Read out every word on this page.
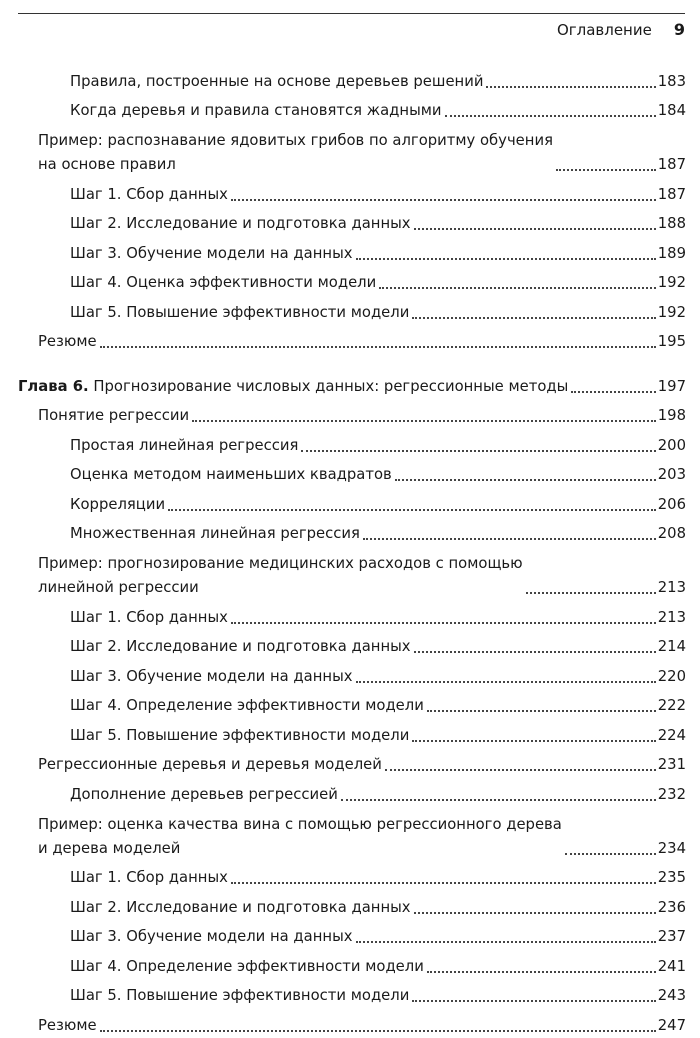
Оглавление 9
Правила, построенные на основе деревьев решений	183
Когда деревья и правила становятся жадными	184
Пример: распознавание ядовитых грибов по алгоритму обучения
на основе правил	187
Шаг 1. Сбор данных	187
Шаг 2. Исследование и подготовка данных	188
Шаг 3. Обучение модели на данных	189
Шаг 4. Оценка эффективности модели	192
Шаг 5. Повышение эффективности модели	192
Резюме	195
Глава 6. Прогнозирование числовых данных: регрессионные методы	197
Понятие регрессии	198
Простая линейная регрессия	200
Оценка методом наименьших квадратов	203
Корреляции	206
Множественная линейная регрессия	208
Пример: прогнозирование медицинских расходов с помощью
линейной регрессии	213
Шаг 1. Сбор данных	213
Шаг 2. Исследование и подготовка данных	214
Шаг 3. Обучение модели на данных	220
Шаг 4. Определение эффективности модели	222
Шаг 5. Повышение эффективности модели	224
Регрессионные деревья и деревья моделей	231
Дополнение деревьев регрессией	232
Пример: оценка качества вина с помощью регрессионного дерева
и дерева моделей	234
Шаг 1. Сбор данных	235
Шаг 2. Исследование и подготовка данных	236
Шаг 3. Обучение модели на данных	237
Шаг 4. Определение эффективности модели	241
Шаг 5. Повышение эффективности модели	243
Резюме	247
